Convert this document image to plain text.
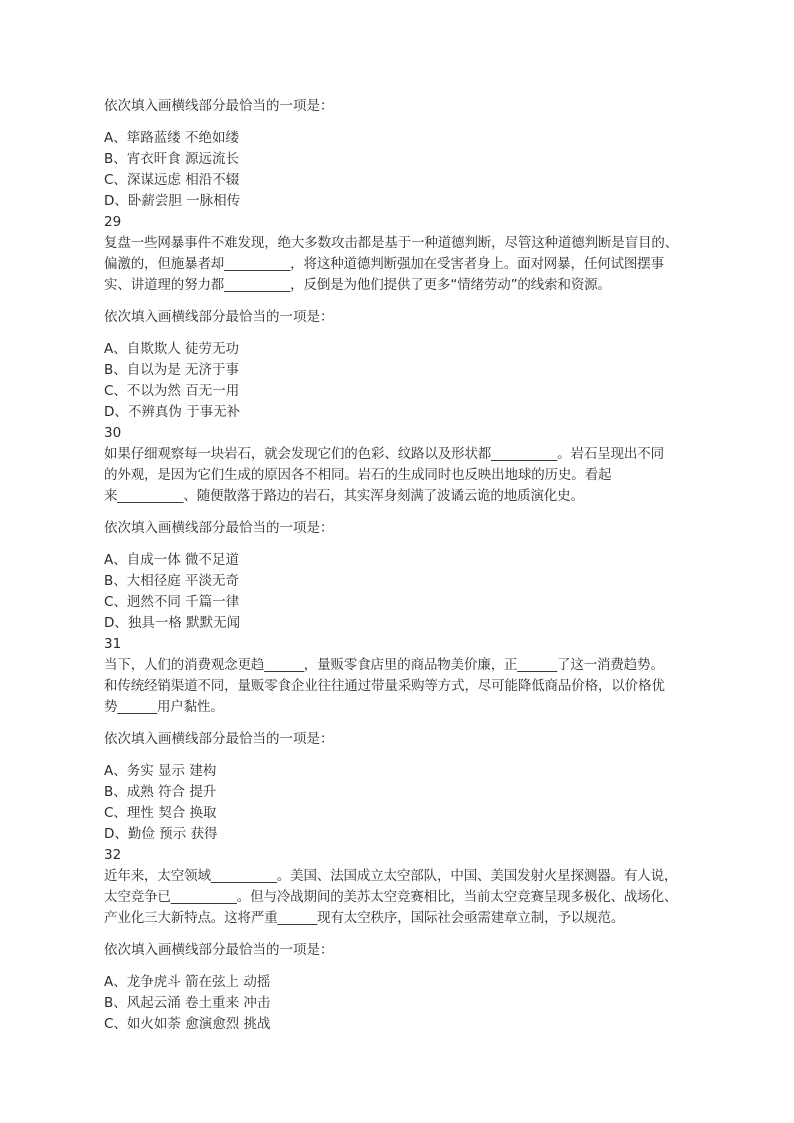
依次填入画横线部分最恰当的一项是：
A、筚路蓝缕 不绝如缕
B、宵衣旰食 源远流长
C、深谋远虑 相沿不辍
D、卧薪尝胆 一脉相传
29
复盘一些网暴事件不难发现，绝大多数攻击都是基于一种道德判断，尽管这种道德判断是盲目的、
偏激的，但施暴者却__________，将这种道德判断强加在受害者身上。面对网暴，任何试图摆事
实、讲道理的努力都__________，反倒是为他们提供了更多“情绪劳动”的线索和资源。
依次填入画横线部分最恰当的一项是：
A、自欺欺人 徒劳无功
B、自以为是 无济于事
C、不以为然 百无一用
D、不辨真伪 于事无补
30
如果仔细观察每一块岩石，就会发现它们的色彩、纹路以及形状都__________。岩石呈现出不同
的外观，是因为它们生成的原因各不相同。岩石的生成同时也反映出地球的历史。看起
来__________、随便散落于路边的岩石，其实浑身刻满了波谲云诡的地质演化史。
依次填入画横线部分最恰当的一项是：
A、自成一体 微不足道
B、大相径庭 平淡无奇
C、迥然不同 千篇一律
D、独具一格 默默无闻
31
当下，人们的消费观念更趋______，量贩零食店里的商品物美价廉，正______了这一消费趋势。
和传统经销渠道不同，量贩零食企业往往通过带量采购等方式，尽可能降低商品价格，以价格优
势______用户黏性。
依次填入画横线部分最恰当的一项是：
A、务实 显示 建构
B、成熟 符合 提升
C、理性 契合 换取
D、勤俭 预示 获得
32
近年来，太空领域__________。美国、法国成立太空部队，中国、美国发射火星探测器。有人说，
太空竞争已__________。但与冷战期间的美苏太空竞赛相比，当前太空竞赛呈现多极化、战场化、
产业化三大新特点。这将严重______现有太空秩序，国际社会亟需建章立制，予以规范。
依次填入画横线部分最恰当的一项是：
A、龙争虎斗 箭在弦上 动摇
B、风起云涌 卷土重来 冲击
C、如火如荼 愈演愈烈 挑战
